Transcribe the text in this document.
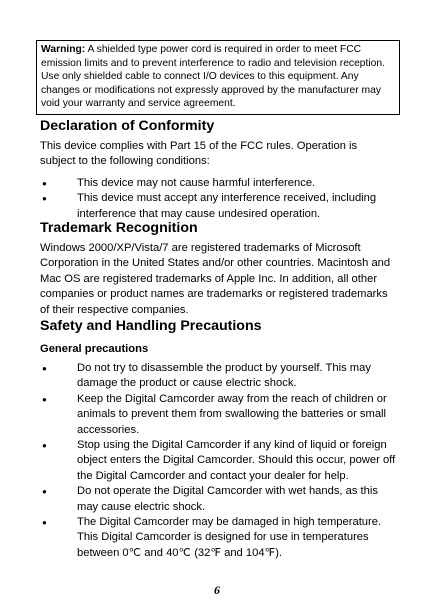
Warning: A shielded type power cord is required in order to meet FCC emission limits and to prevent interference to radio and television reception. Use only shielded cable to connect I/O devices to this equipment. Any changes or modifications not expressly approved by the manufacturer may void your warranty and service agreement.
Declaration of Conformity
This device complies with Part 15 of the FCC rules. Operation is subject to the following conditions:
●	This device may not cause harmful interference.
●	This device must accept any interference received, including interference that may cause undesired operation.
Trademark Recognition
Windows 2000/XP/Vista/7 are registered trademarks of Microsoft Corporation in the United States and/or other countries. Macintosh and Mac OS are registered trademarks of Apple Inc. In addition, all other companies or product names are trademarks or registered trademarks of their respective companies.
Safety and Handling Precautions
General precautions
●	Do not try to disassemble the product by yourself. This may damage the product or cause electric shock.
●	Keep the Digital Camcorder away from the reach of children or animals to prevent them from swallowing the batteries or small accessories.
●	Stop using the Digital Camcorder if any kind of liquid or foreign object enters the Digital Camcorder. Should this occur, power off the Digital Camcorder and contact your dealer for help.
●	Do not operate the Digital Camcorder with wet hands, as this may cause electric shock.
●	The Digital Camcorder may be damaged in high temperature. This Digital Camcorder is designed for use in temperatures between 0℃ and 40℃ (32℉ and 104℉).
6
